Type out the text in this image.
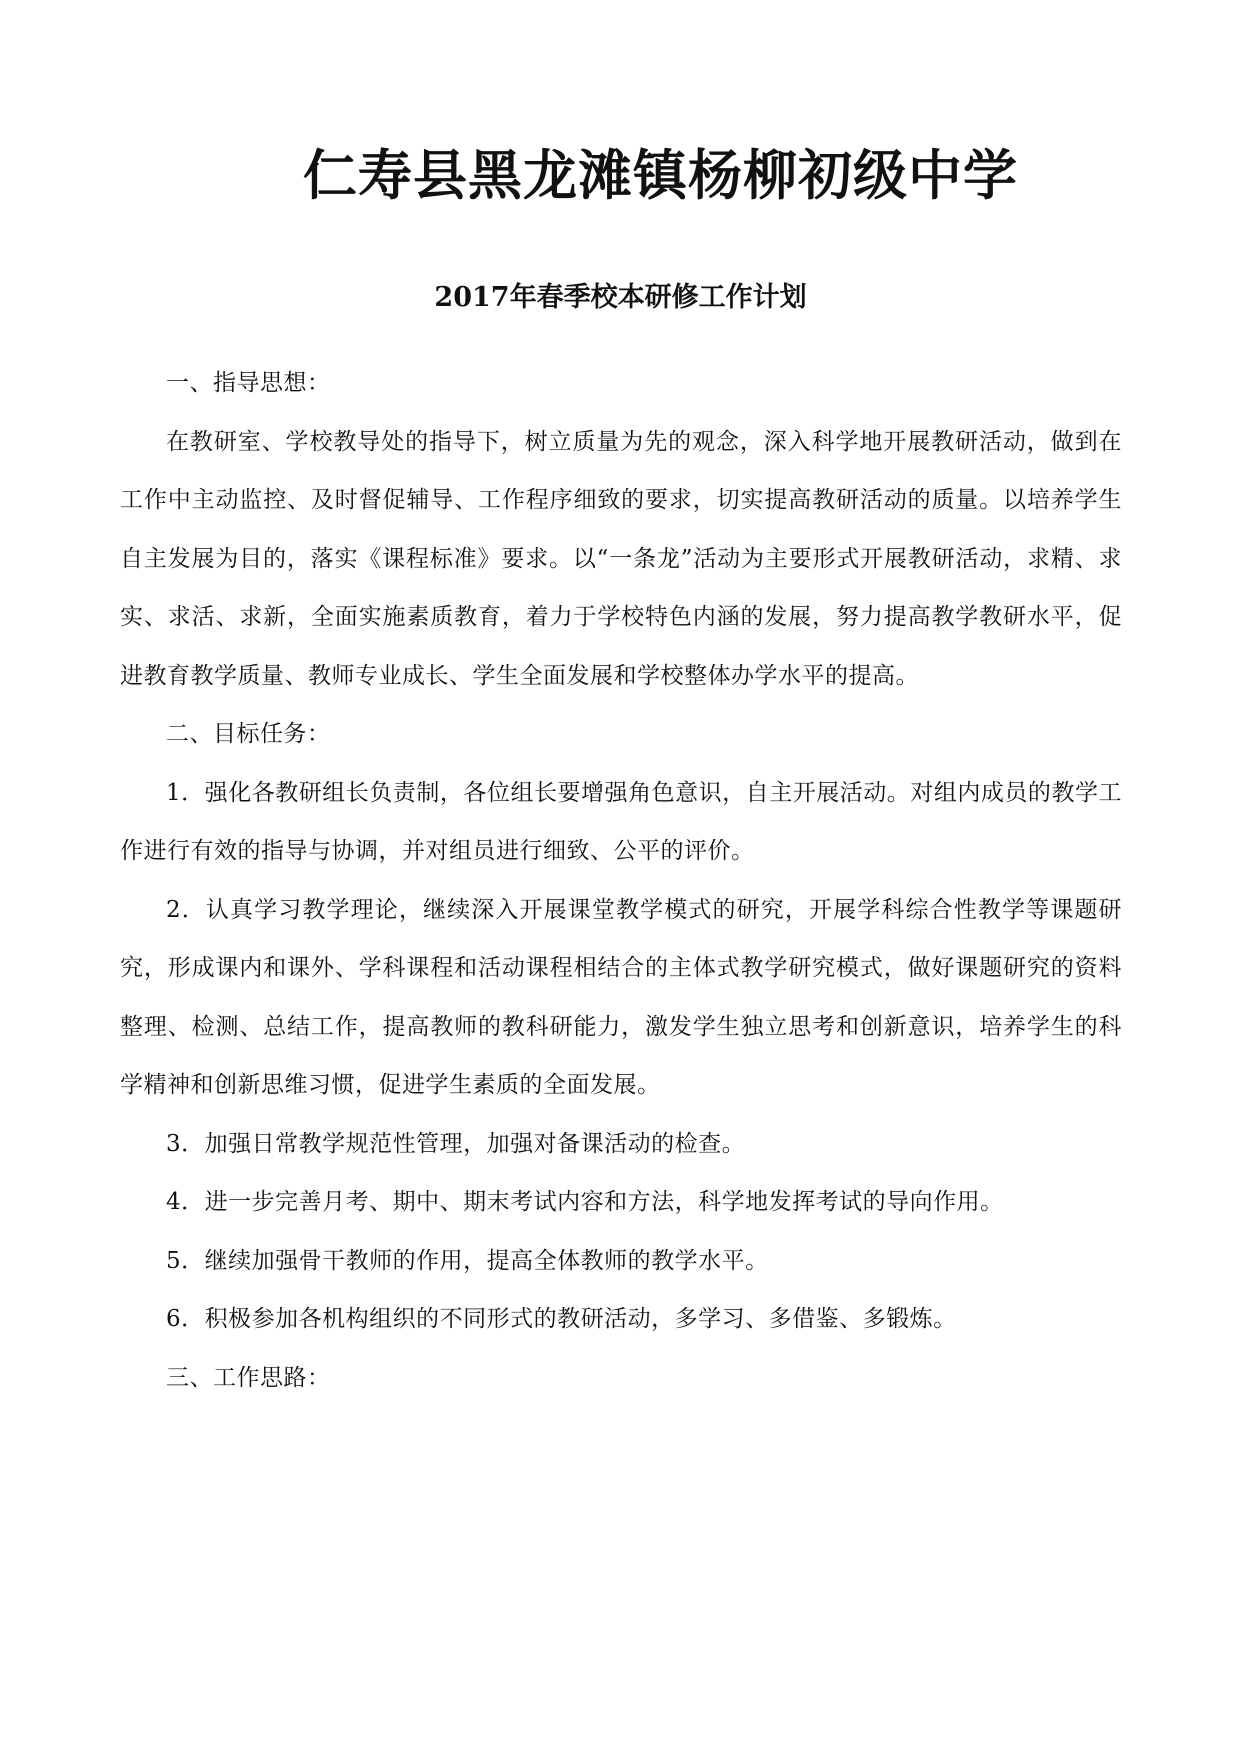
仁寿县黑龙滩镇杨柳初级中学
2017年春季校本研修工作计划

一、指导思想：

在教研室、学校教导处的指导下，树立质量为先的观念，深入科学地开展教研活动，做到在工作中主动监控、及时督促辅导、工作程序细致的要求，切实提高教研活动的质量。以培养学生自主发展为目的，落实《课程标准》要求。以“一条龙”活动为主要形式开展教研活动，求精、求实、求活、求新，全面实施素质教育，着力于学校特色内涵的发展，努力提高教学教研水平，促进教育教学质量、教师专业成长、学生全面发展和学校整体办学水平的提高。

二、目标任务：

1．强化各教研组长负责制，各位组长要增强角色意识，自主开展活动。对组内成员的教学工作进行有效的指导与协调，并对组员进行细致、公平的评价。

2．认真学习教学理论，继续深入开展课堂教学模式的研究，开展学科综合性教学等课题研究，形成课内和课外、学科课程和活动课程相结合的主体式教学研究模式，做好课题研究的资料整理、检测、总结工作，提高教师的教科研能力，激发学生独立思考和创新意识，培养学生的科学精神和创新思维习惯，促进学生素质的全面发展。

3．加强日常教学规范性管理，加强对备课活动的检查。

4．进一步完善月考、期中、期末考试内容和方法，科学地发挥考试的导向作用。

5．继续加强骨干教师的作用，提高全体教师的教学水平。

6．积极参加各机构组织的不同形式的教研活动，多学习、多借鉴、多锻炼。

三、工作思路：
